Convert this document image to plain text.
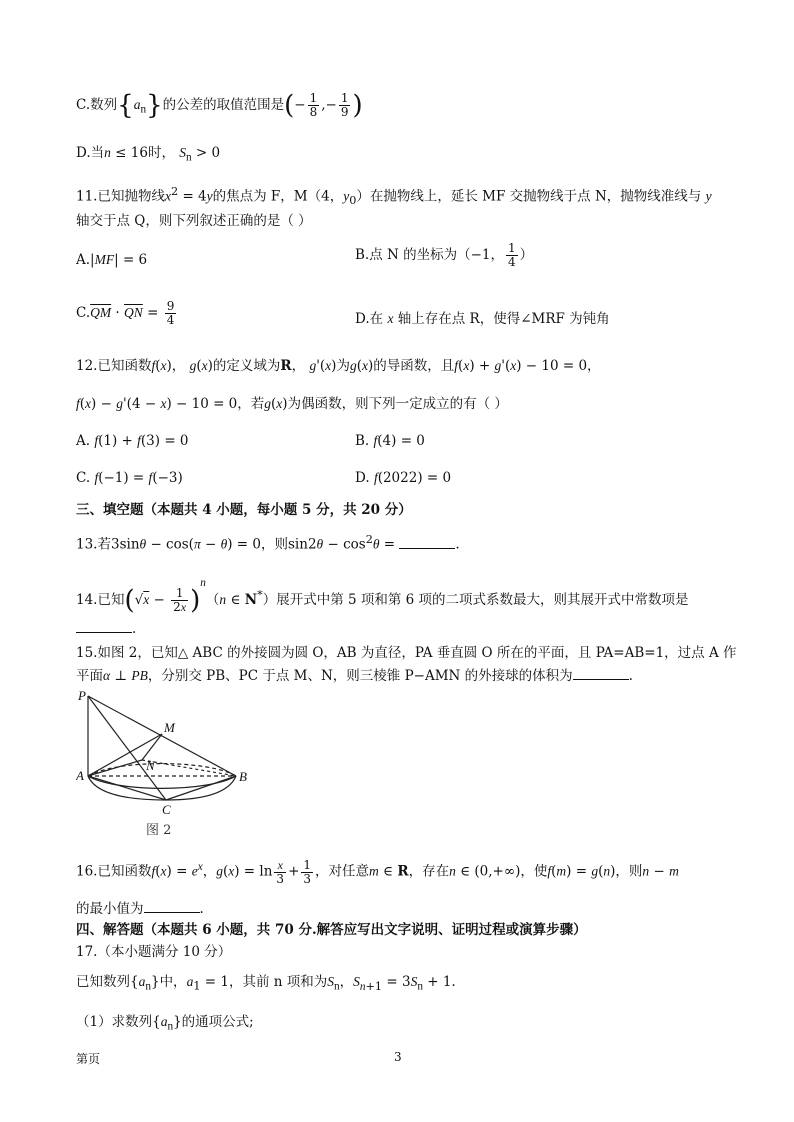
C.数列$\{a_n\}$的公差的取值范围是(− $\frac{1}{8}$ ,− $\frac{1}{9}$ )
D.当n ≤ 16时， $S_n > 0$
11.已知抛物线$x^2 = 4y$的焦点为 F，M（4，$y_0$）在抛物线上，延长 MF 交抛物线于点 N，抛物线准线与 y
轴交于点 Q，则下列叙述正确的是（ ）
A.|MF| = 6	B.点 N 的坐标为（−1， $\frac{1}{4}$ ）
$C.\overline{QM} \cdot \overline{QN} = \frac{9}{4}$	D.在 x 轴上存在点 R，使得∠MRF 为钝角
12.已知函数f(x)， g(x)的定义域为R， g'(x)为g(x)的导函数，且f(x) + g'(x) − 10 = 0，
f(x) − g'(4 − x) − 10 = 0，若g(x)为偶函数，则下列一定成立的有（ ）
A. f(1) + f(3) = 0	B. f(4) = 0
C. f(−1) = f(−3)	D. f(2022) = 0
三、填空题（本题共 4 小题，每小题 5 分，共 20 分）
13.若3sinθ − cos(π − θ) = 0，则$\sin 2\theta - \cos^2\theta$ =	.
14.已知$(√x - \frac{1}{2x} )^n(n$ ∈ N*）展开式中第 5 项和第 6 项的二项式系数最大，则其展开式中常数项是
.
15.如图 2，已知△ ABC 的外接圆为圆 O，AB 为直径，PA 垂直圆 O 所在的平面，且 PA=AB=1，过点 A 作
平面α ⊥ PB，分别交 PB、PC 于点 M、N，则三棱锥 P−AMN 的外接球的体积为	.
P
M
N
A	B
C
图 2
16.已知函数$f(x) = e^x$，$g(x) = \ln \frac{x}{3} + \frac{1}{3}$ ，对任意m ∈ R，存在n ∈ (0,+∞)，使f(m) = g(n)，则n − m
的最小值为	.
四、解答题（本题共 6 小题，共 70 分.解答应写出文字说明、证明过程或演算步骤）
17.（本小题满分 10 分）
已知数列$\{a_n\}$中，$a_1 = 1$，其前 n 项和为$S_n$，$S_{n+1} = 3S_n + 1$.
（1）求数列$\{a_n\}$的通项公式;
第页	3
